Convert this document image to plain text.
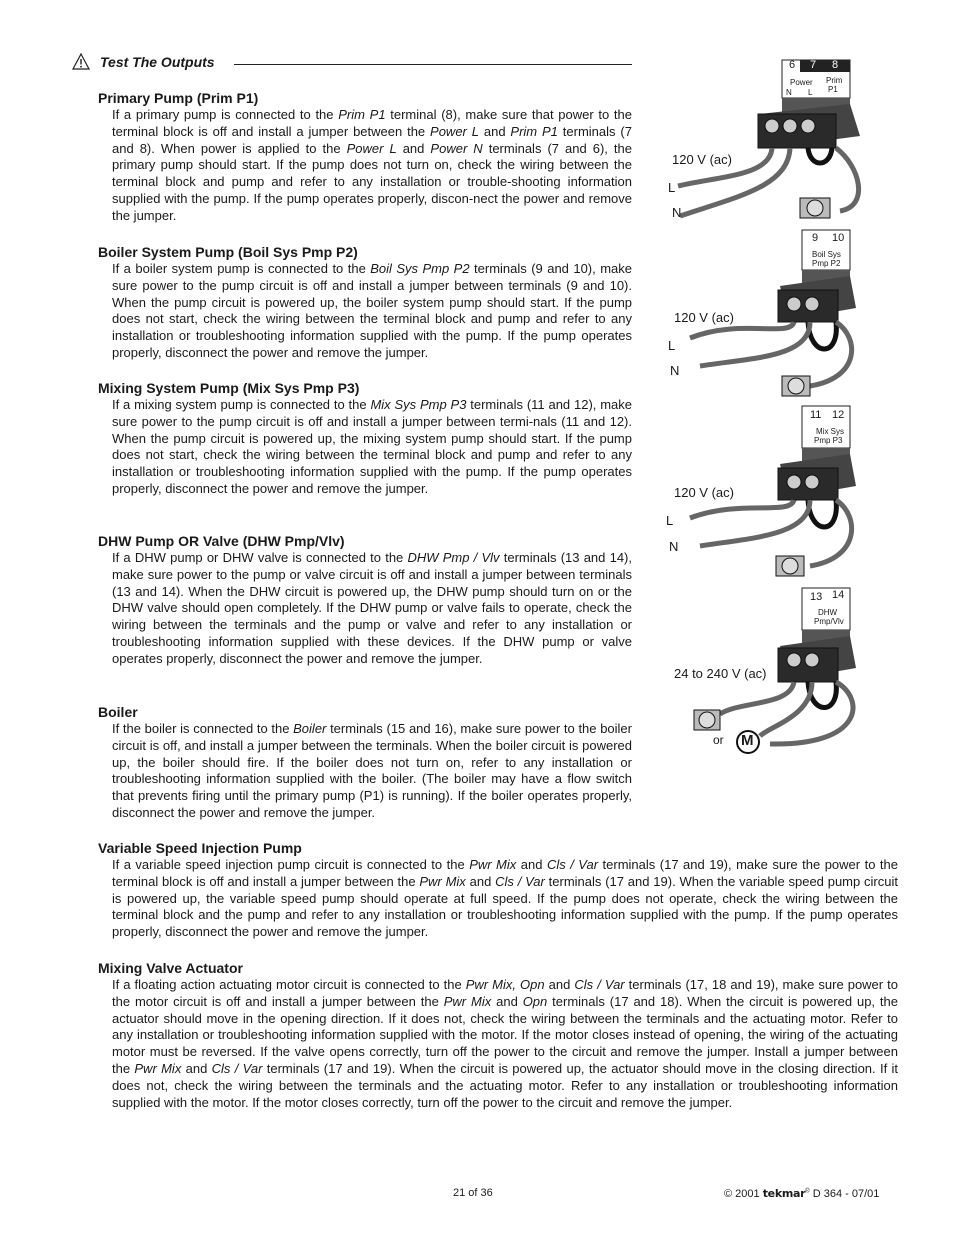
Test The Outputs
Primary Pump (Prim P1)
If a primary pump is connected to the Prim P1 terminal (8), make sure that power to the terminal block is off and install a jumper between the Power L and Prim P1 terminals (7 and 8). When power is applied to the Power L and Power N terminals (7 and 6), the primary pump should start. If the pump does not turn on, check the wiring between the terminal block and pump and refer to any installation or trouble-shooting information supplied with the pump. If the pump operates properly, discon-nect the power and remove the jumper.
Boiler System Pump (Boil Sys Pmp P2)
If a boiler system pump is connected to the Boil Sys Pmp P2 terminals (9 and 10), make sure power to the pump circuit is off and install a jumper between terminals (9 and 10). When the pump circuit is powered up, the boiler system pump should start. If the pump does not start, check the wiring between the terminal block and pump and refer to any installation or troubleshooting information supplied with the pump. If the pump operates properly, disconnect the power and remove the jumper.
Mixing System Pump (Mix Sys Pmp P3)
If a mixing system pump is connected to the Mix Sys Pmp P3 terminals (11 and 12), make sure power to the pump circuit is off and install a jumper between termi-nals (11 and 12). When the pump circuit is powered up, the mixing system pump should start. If the pump does not start, check the wiring between the terminal block and pump and refer to any installation or troubleshooting information supplied with the pump. If the pump operates properly, disconnect the power and remove the jumper.
DHW Pump OR Valve (DHW Pmp/Vlv)
If a DHW pump or DHW valve is connected to the DHW Pmp / Vlv terminals (13 and 14), make sure power to the pump or valve circuit is off and install a jumper between terminals (13 and 14). When the DHW circuit is powered up, the DHW pump should turn on or the DHW valve should open completely. If the DHW pump or valve fails to operate, check the wiring between the terminals and the pump or valve and refer to any installation or troubleshooting information supplied with these devices. If the DHW pump or valve operates properly, disconnect the power and remove the jumper.
Boiler
If the boiler is connected to the Boiler terminals (15 and 16), make sure power to the boiler circuit is off, and install a jumper between the terminals. When the boiler circuit is powered up, the boiler should fire. If the boiler does not turn on, refer to any installation or troubleshooting information supplied with the boiler. (The boiler may have a flow switch that prevents firing until the primary pump (P1) is running). If the boiler operates properly, disconnect the power and remove the jumper.
Variable Speed Injection Pump
If a variable speed injection pump circuit is connected to the Pwr Mix and Cls / Var terminals (17 and 19), make sure the power to the terminal block is off and install a jumper between the Pwr Mix and Cls / Var terminals (17 and 19). When the variable speed pump circuit is powered up, the variable speed pump should operate at full speed. If the pump does not operate, check the wiring between the terminal block and the pump and refer to any installation or troubleshooting information supplied with the pump. If the pump operates properly, disconnect the power and remove the jumper.
Mixing Valve Actuator
If a floating action actuating motor circuit is connected to the Pwr Mix, Opn and Cls / Var terminals (17, 18 and 19), make sure power to the motor circuit is off and install a jumper between the Pwr Mix and Opn terminals (17 and 18). When the circuit is powered up, the actuator should move in the opening direction. If it does not, check the wiring between the terminals and the actuating motor. Refer to any installation or troubleshooting information supplied with the motor. If the motor closes instead of opening, the wiring of the actuating motor must be reversed. If the valve opens correctly, turn off the power to the circuit and remove the jumper. Install a jumper between the Pwr Mix and Cls / Var terminals (17 and 19). When the circuit is powered up, the actuator should move in the closing direction. If it does not, check the wiring between the terminals and the actuating motor. Refer to any installation or troubleshooting information supplied with the motor. If the motor closes correctly, turn off the power to the circuit and remove the jumper.
6 7 8
Power
N L
Prim
P1
120 V (ac)
L
N
9 10
Boil Sys
Pmp P2
120 V (ac)
L
N
11 12
Mix Sys
Pmp P3
120 V (ac)
L
N
13 14
DHW
Pmp/Vlv
24 to 240 V (ac)
or M
21 of 36	© 2001 tekmar® D 364 - 07/01
